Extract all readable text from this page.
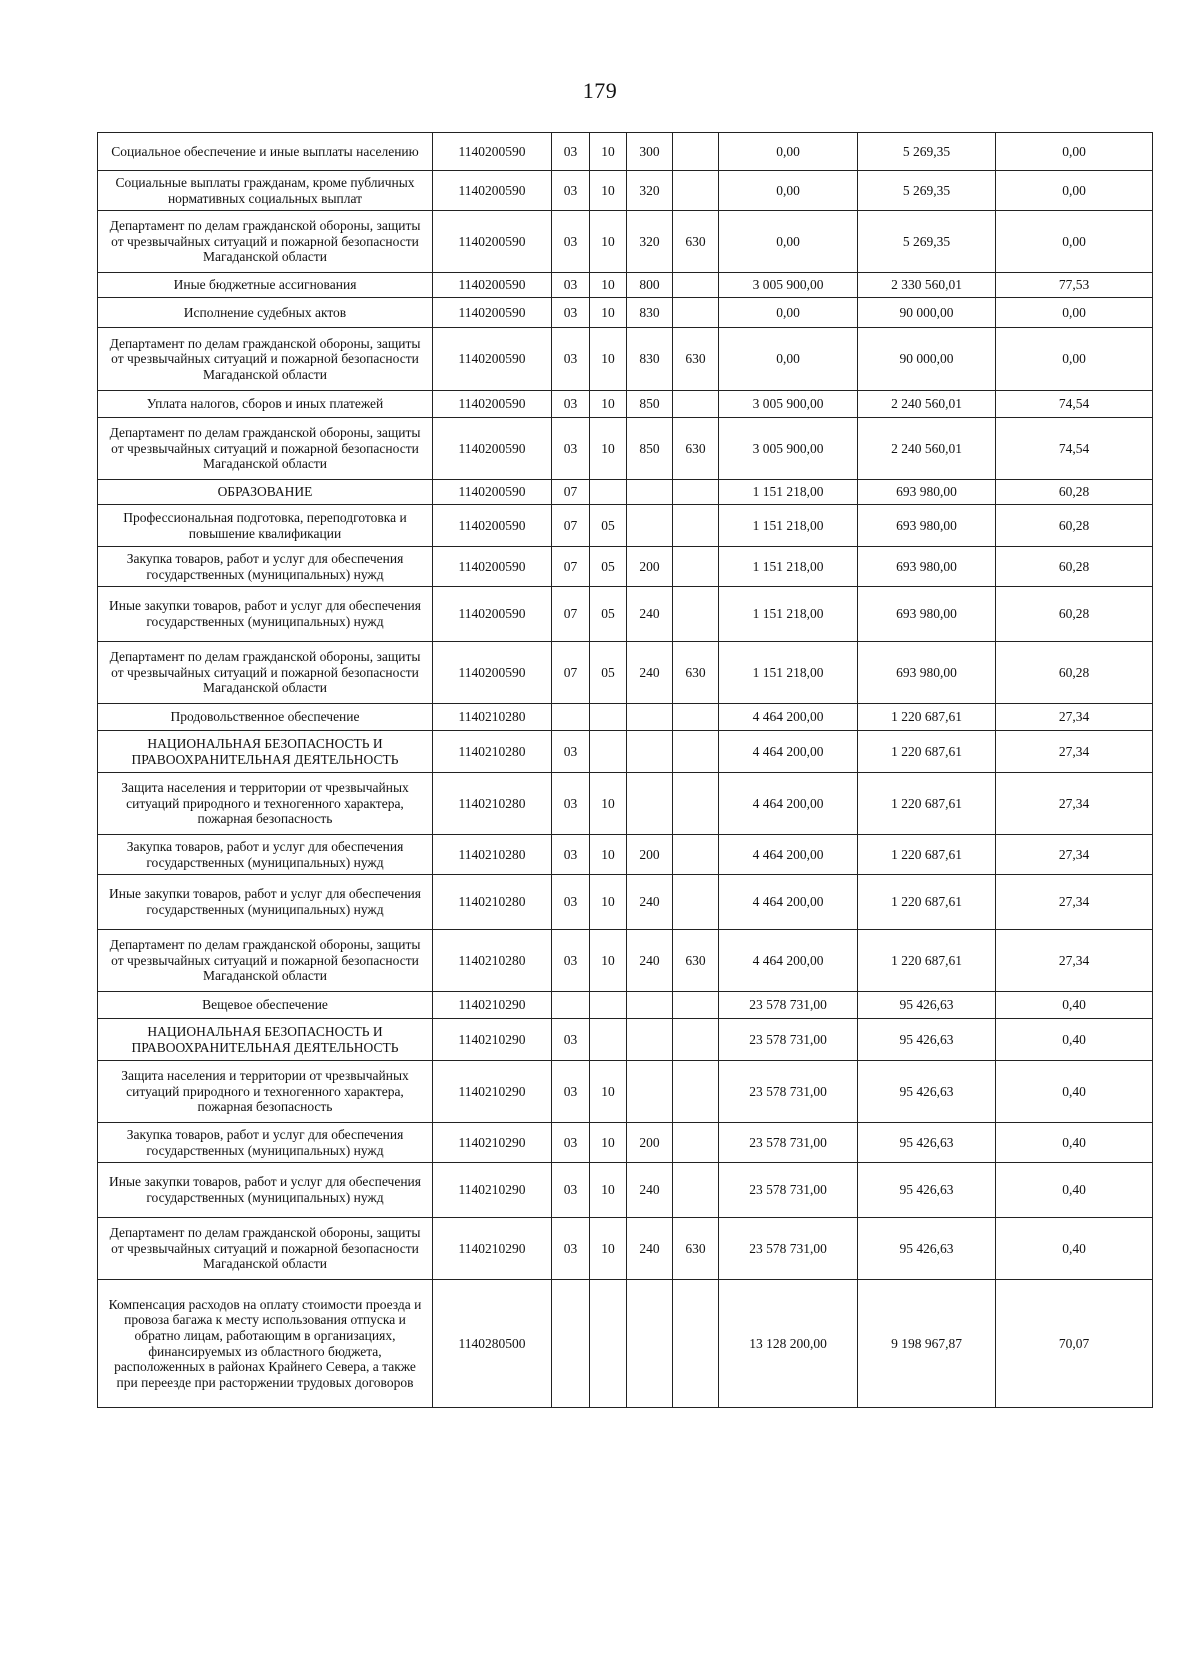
179
Социальное обеспечение и иные выплаты населению	1140200590	03	10	300		0,00	5 269,35	0,00
Социальные выплаты гражданам, кроме публичных нормативных социальных выплат	1140200590	03	10	320		0,00	5 269,35	0,00
Департамент по делам гражданской обороны, защиты от чрезвычайных ситуаций и пожарной безопасности Магаданской области	1140200590	03	10	320	630	0,00	5 269,35	0,00
Иные бюджетные ассигнования	1140200590	03	10	800		3 005 900,00	2 330 560,01	77,53
Исполнение судебных актов	1140200590	03	10	830		0,00	90 000,00	0,00
Департамент по делам гражданской обороны, защиты от чрезвычайных ситуаций и пожарной безопасности Магаданской области	1140200590	03	10	830	630	0,00	90 000,00	0,00
Уплата налогов, сборов и иных платежей	1140200590	03	10	850		3 005 900,00	2 240 560,01	74,54
Департамент по делам гражданской обороны, защиты от чрезвычайных ситуаций и пожарной безопасности Магаданской области	1140200590	03	10	850	630	3 005 900,00	2 240 560,01	74,54
ОБРАЗОВАНИЕ	1140200590	07				1 151 218,00	693 980,00	60,28
Профессиональная подготовка, переподготовка и повышение квалификации	1140200590	07	05			1 151 218,00	693 980,00	60,28
Закупка товаров, работ и услуг для обеспечения государственных (муниципальных) нужд	1140200590	07	05	200		1 151 218,00	693 980,00	60,28
Иные закупки товаров, работ и услуг для обеспечения государственных (муниципальных) нужд	1140200590	07	05	240		1 151 218,00	693 980,00	60,28
Департамент по делам гражданской обороны, защиты от чрезвычайных ситуаций и пожарной безопасности Магаданской области	1140200590	07	05	240	630	1 151 218,00	693 980,00	60,28
Продовольственное обеспечение	1140210280					4 464 200,00	1 220 687,61	27,34
НАЦИОНАЛЬНАЯ БЕЗОПАСНОСТЬ И ПРАВООХРАНИТЕЛЬНАЯ ДЕЯТЕЛЬНОСТЬ	1140210280	03				4 464 200,00	1 220 687,61	27,34
Защита населения и территории от чрезвычайных ситуаций природного и техногенного характера, пожарная безопасность	1140210280	03	10			4 464 200,00	1 220 687,61	27,34
Закупка товаров, работ и услуг для обеспечения государственных (муниципальных) нужд	1140210280	03	10	200		4 464 200,00	1 220 687,61	27,34
Иные закупки товаров, работ и услуг для обеспечения государственных (муниципальных) нужд	1140210280	03	10	240		4 464 200,00	1 220 687,61	27,34
Департамент по делам гражданской обороны, защиты от чрезвычайных ситуаций и пожарной безопасности Магаданской области	1140210280	03	10	240	630	4 464 200,00	1 220 687,61	27,34
Вещевое обеспечение	1140210290					23 578 731,00	95 426,63	0,40
НАЦИОНАЛЬНАЯ БЕЗОПАСНОСТЬ И ПРАВООХРАНИТЕЛЬНАЯ ДЕЯТЕЛЬНОСТЬ	1140210290	03				23 578 731,00	95 426,63	0,40
Защита населения и территории от чрезвычайных ситуаций природного и техногенного характера, пожарная безопасность	1140210290	03	10			23 578 731,00	95 426,63	0,40
Закупка товаров, работ и услуг для обеспечения государственных (муниципальных) нужд	1140210290	03	10	200		23 578 731,00	95 426,63	0,40
Иные закупки товаров, работ и услуг для обеспечения государственных (муниципальных) нужд	1140210290	03	10	240		23 578 731,00	95 426,63	0,40
Департамент по делам гражданской обороны, защиты от чрезвычайных ситуаций и пожарной безопасности Магаданской области	1140210290	03	10	240	630	23 578 731,00	95 426,63	0,40
Компенсация расходов на оплату стоимости проезда и провоза багажа к месту использования отпуска и обратно лицам, работающим в организациях, финансируемых из областного бюджета, расположенных в районах Крайнего Севера, а также при переезде при расторжении трудовых договоров	1140280500					13 128 200,00	9 198 967,87	70,07
